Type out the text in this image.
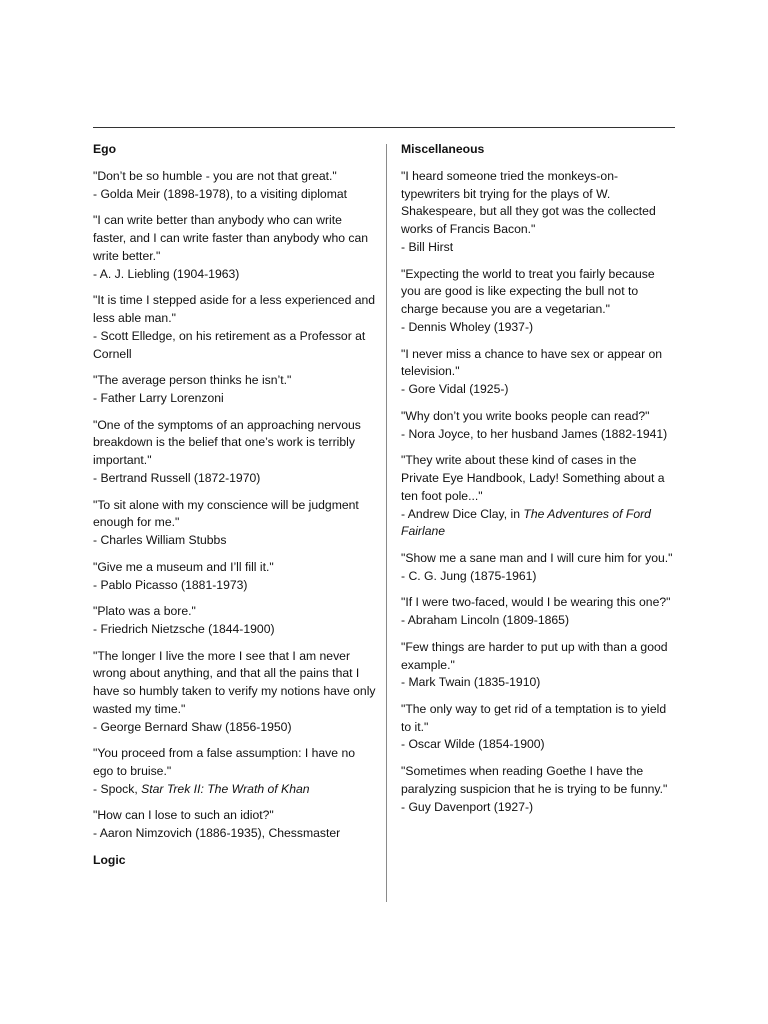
Ego
"Don’t be so humble - you are not that great."
- Golda Meir (1898-1978), to a visiting diplomat
"I can write better than anybody who can write faster, and I can write faster than anybody who can write better."
- A. J. Liebling (1904-1963)
"It is time I stepped aside for a less experienced and less able man."
- Scott Elledge, on his retirement as a Professor at Cornell
"The average person thinks he isn’t."
- Father Larry Lorenzoni
"One of the symptoms of an approaching nervous breakdown is the belief that one’s work is terribly important."
- Bertrand Russell (1872-1970)
"To sit alone with my conscience will be judgment enough for me."
- Charles William Stubbs
"Give me a museum and I’ll fill it."
- Pablo Picasso (1881-1973)
"Plato was a bore."
- Friedrich Nietzsche (1844-1900)
"The longer I live the more I see that I am never wrong about anything, and that all the pains that I have so humbly taken to verify my notions have only wasted my time."
- George Bernard Shaw (1856-1950)
"You proceed from a false assumption: I have no ego to bruise."
- Spock, Star Trek II: The Wrath of Khan
"How can I lose to such an idiot?"
- Aaron Nimzovich (1886-1935), Chessmaster
Logic
Miscellaneous
"I heard someone tried the monkeys-on-typewriters bit trying for the plays of W. Shakespeare, but all they got was the collected works of Francis Bacon."
- Bill Hirst
"Expecting the world to treat you fairly because you are good is like expecting the bull not to charge because you are a vegetarian."
- Dennis Wholey (1937-)
"I never miss a chance to have sex or appear on television."
- Gore Vidal (1925-)
"Why don’t you write books people can read?"
- Nora Joyce, to her husband James (1882-1941)
"They write about these kind of cases in the Private Eye Handbook, Lady! Something about a ten foot pole..."
- Andrew Dice Clay, in The Adventures of Ford Fairlane
"Show me a sane man and I will cure him for you."
- C. G. Jung (1875-1961)
"If I were two-faced, would I be wearing this one?"
- Abraham Lincoln (1809-1865)
"Few things are harder to put up with than a good example."
- Mark Twain (1835-1910)
"The only way to get rid of a temptation is to yield to it."
- Oscar Wilde (1854-1900)
"Sometimes when reading Goethe I have the paralyzing suspicion that he is trying to be funny."
- Guy Davenport (1927-)
